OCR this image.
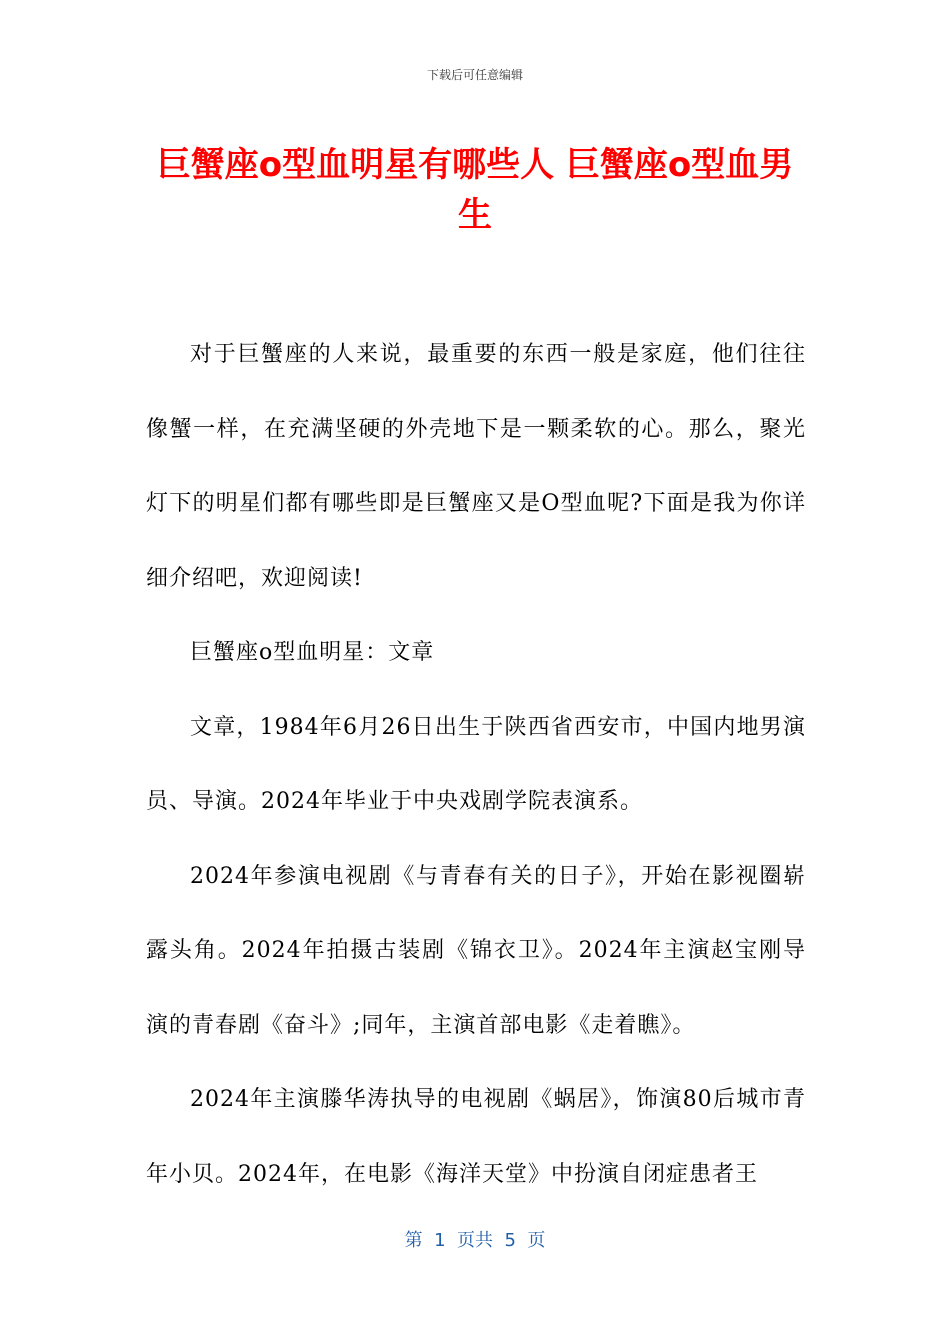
下载后可任意编辑
巨蟹座o型血明星有哪些人 巨蟹座o型血男生

对于巨蟹座的人来说，最重要的东西一般是家庭，他们往往像蟹一样，在充满坚硬的外壳地下是一颗柔软的心。那么，聚光灯下的明星们都有哪些即是巨蟹座又是O型血呢?下面是我为你详细介绍吧，欢迎阅读!

巨蟹座o型血明星：文章

文章，1984年6月26日出生于陕西省西安市，中国内地男演员、导演。2024年毕业于中央戏剧学院表演系。

2024年参演电视剧《与青春有关的日子》，开始在影视圈崭露头角。2024年拍摄古装剧《锦衣卫》。2024年主演赵宝刚导演的青春剧《奋斗》;同年，主演首部电影《走着瞧》。

2024年主演滕华涛执导的电视剧《蜗居》，饰演80后城市青年小贝。2024年，在电影《海洋天堂》中扮演自闭症患者王

第  1  页共  5  页
